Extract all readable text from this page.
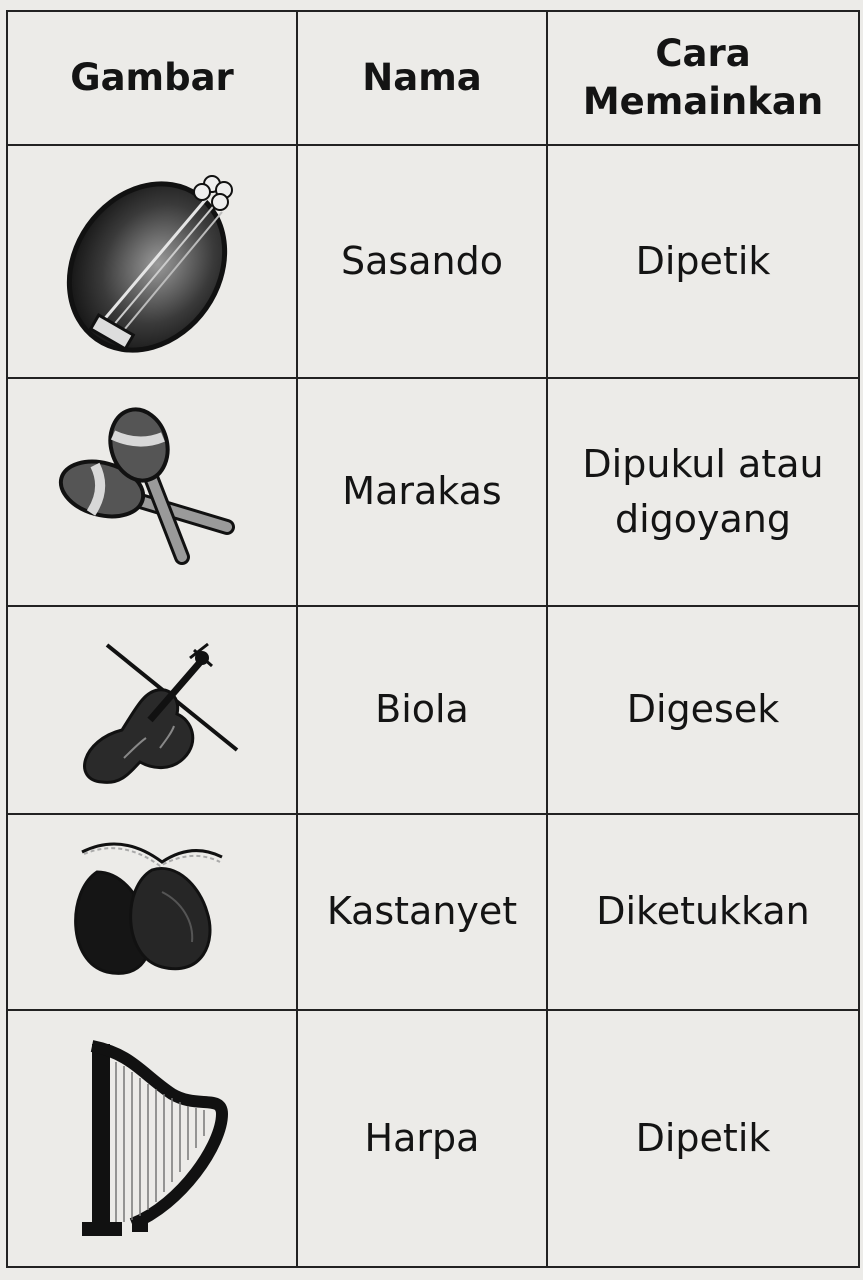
Gambar	Nama	Cara Memainkan

	Sasando	Dipetik

	Marakas	Dipukul atau digoyang

	Biola	Digesek

	Kastanyet	Diketukkan

	Harpa	Dipetik
